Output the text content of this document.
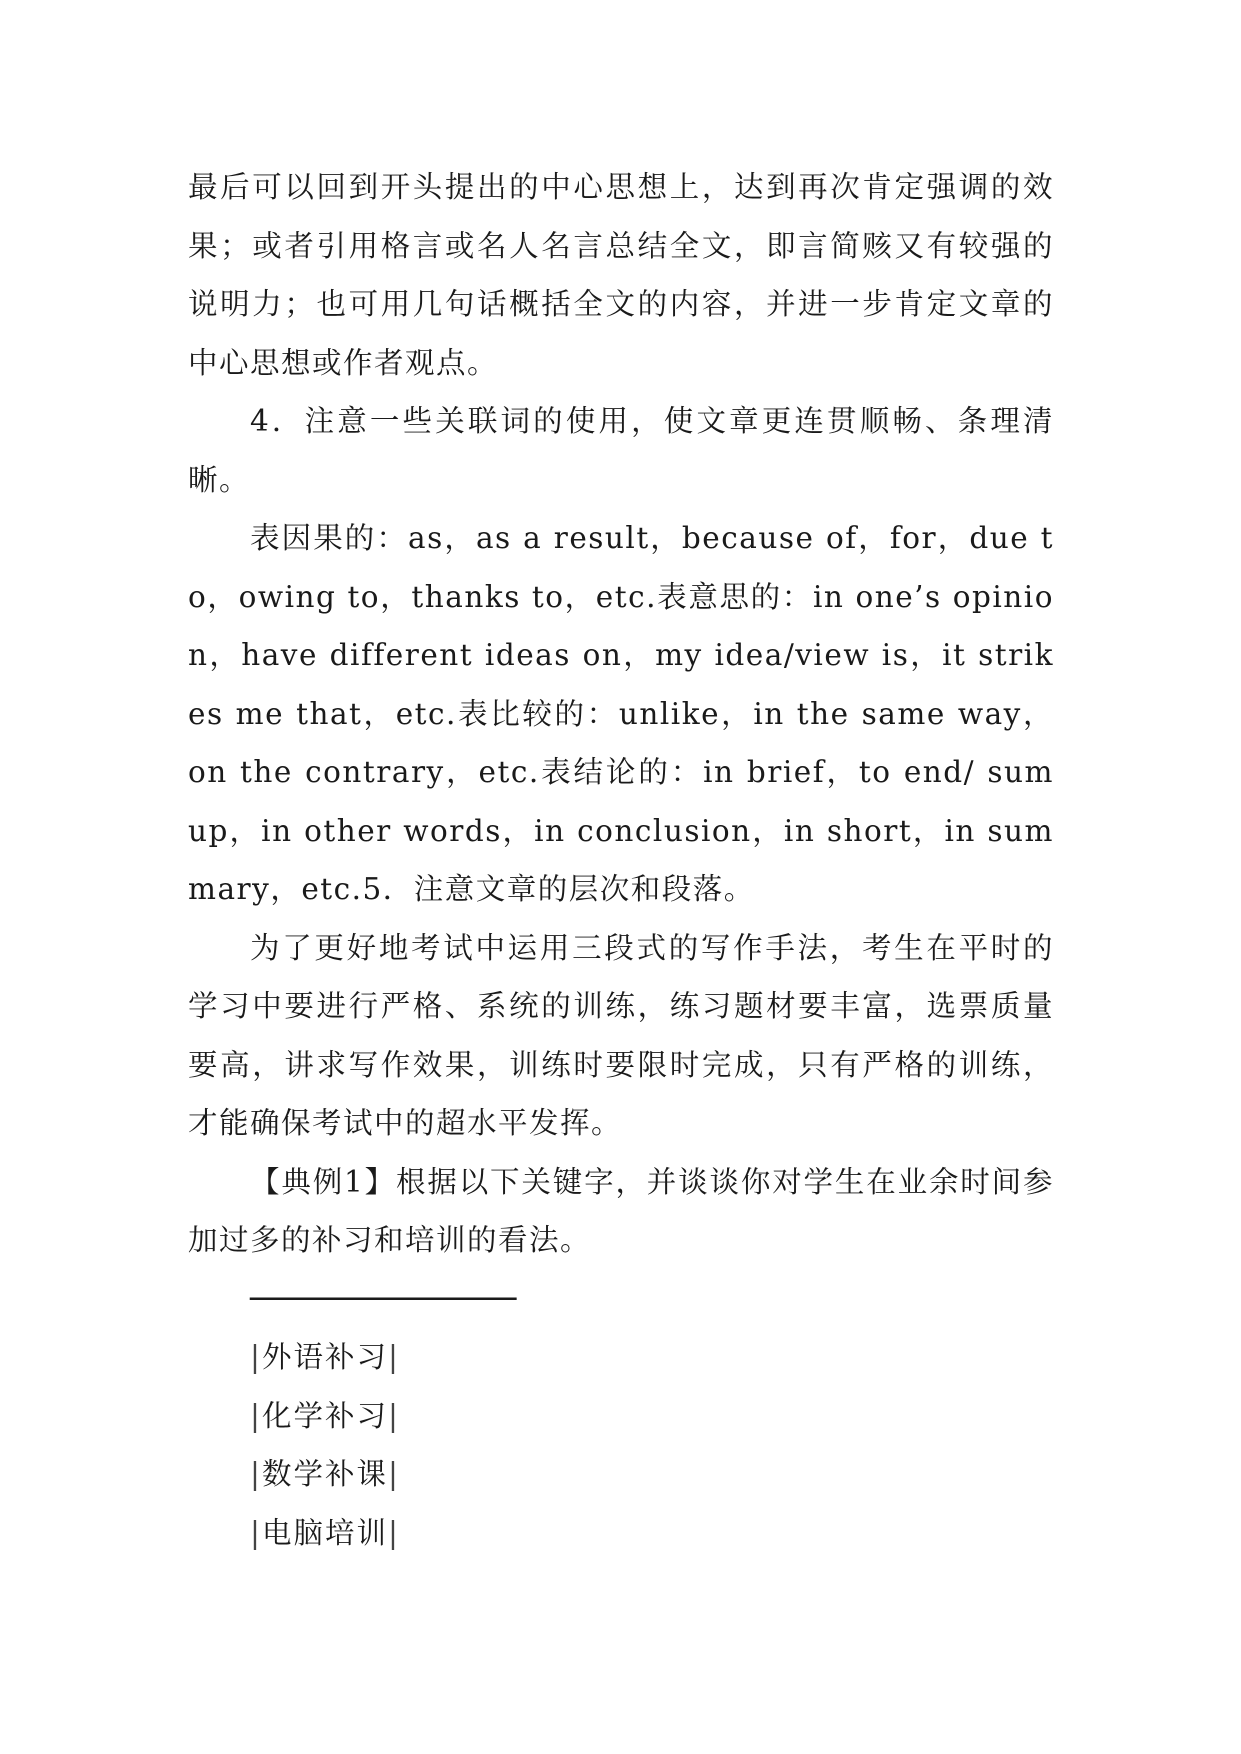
最后可以回到开头提出的中心思想上，达到再次肯定强调的效果；或者引用格言或名人名言总结全文，即言简赅又有较强的说明力；也可用几句话概括全文的内容，并进一步肯定文章的中心思想或作者观点。

4．注意一些关联词的使用，使文章更连贯顺畅、条理清晰。

表因果的：as，as a result，because of，for，due to，owing to，thanks to，etc.表意思的：in one’s opinion，have different ideas on，my idea/view is，it strikes me that，etc.表比较的：unlike，in the same way，on the contrary，etc.表结论的：in brief，to end/ sum up，in other words，in conclusion，in short，in summary，etc.5．注意文章的层次和段落。

为了更好地考试中运用三段式的写作手法，考生在平时的学习中要进行严格、系统的训练，练习题材要丰富，选票质量要高，讲求写作效果，训练时要限时完成，只有严格的训练，才能确保考试中的超水平发挥。

【典例1】根据以下关键字，并谈谈你对学生在业余时间参加过多的补习和培训的看法。

───────────────
|外语补习|
|化学补习|
|数学补课|
|电脑培训|
